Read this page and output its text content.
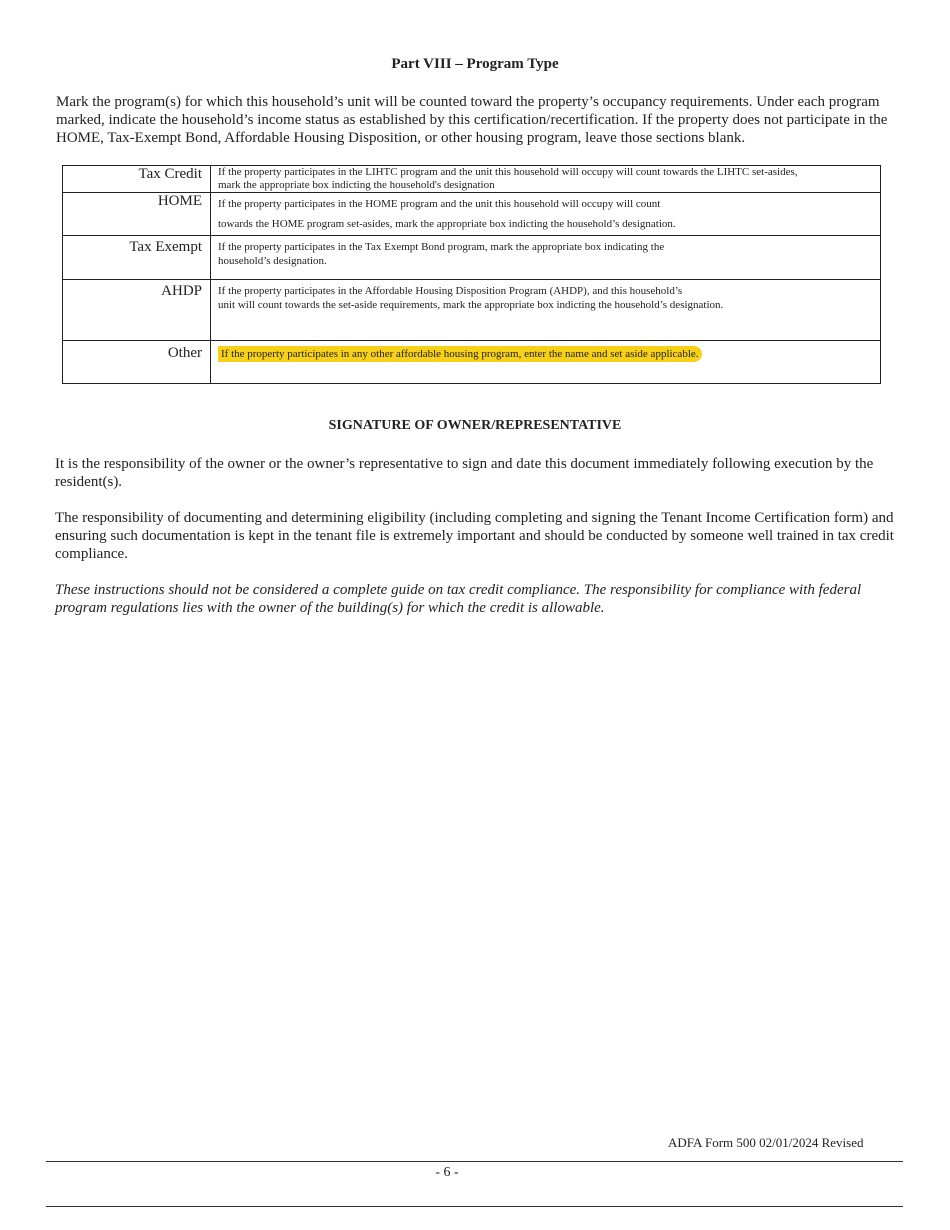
Part VIII – Program Type
Mark the program(s) for which this household’s unit will be counted toward the property’s occupancy requirements. Under each program marked, indicate the household’s income status as established by this certification/recertification. If the property does not participate in the HOME, Tax-Exempt Bond, Affordable Housing Disposition, or other housing program, leave those sections blank.
Tax Credit	If the property participates in the LIHTC program and the unit this household will occupy will count towards the LIHTC set-asides,
mark the appropriate box indicting the household's designation

HOME	If the property participates in the HOME program and the unit this household will occupy will count
towards the HOME program set-asides, mark the appropriate box indicting the household’s designation.

Tax Exempt	If the property participates in the Tax Exempt Bond program, mark the appropriate box indicating the
household’s designation.

AHDP	If the property participates in the Affordable Housing Disposition Program (AHDP), and this household’s
unit will count towards the set-aside requirements, mark the appropriate box indicting the household’s designation.

Other	If the property participates in any other affordable housing program, enter the name and set aside applicable.
SIGNATURE OF OWNER/REPRESENTATIVE
It is the responsibility of the owner or the owner’s representative to sign and date this document immediately following execution by the resident(s).
The responsibility of documenting and determining eligibility (including completing and signing the Tenant Income Certification form) and ensuring such documentation is kept in the tenant file is extremely important and should be conducted by someone well trained in tax credit compliance.
These instructions should not be considered a complete guide on tax credit compliance. The responsibility for compliance with federal program regulations lies with the owner of the building(s) for which the credit is allowable.
ADFA Form 500 02/01/2024 Revised
- 6 -
